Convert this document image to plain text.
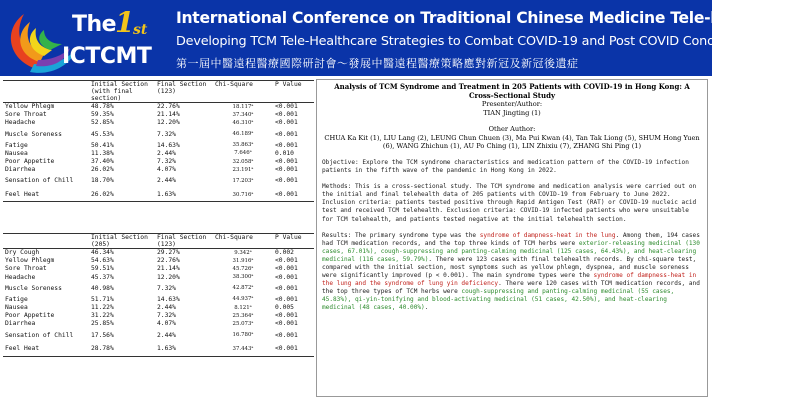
The
1
st
ICTCMT
International Conference on Traditional Chinese Medicine Tele-healthcare
Developing TCM Tele-Healthcare Strategies to Combat COVID-19 and Post COVID Conditions
第一屆中醫遠程醫療國際研討會～發展中醫遠程醫療策略應對新冠及新冠後遺症
	Initial Section (with final section)	Final Section (123)	Chi-Square	P Value
Yellow Phlegm	48.78%	22.76%	18.117ᵃ	<0.001
Sore Throat	59.35%	21.14%	37.340ᵃ	<0.001
Headache	52.85%	12.20%	46.310ᵃ	<0.001
Muscle Soreness	45.53%	7.32%	46.189ᵃ	<0.001
Fatige	50.41%	14.63%	35.863ᵃ	<0.001
Nausea	11.38%	2.44%	7.646ᵃ	0.010
Poor Appetite	37.40%	7.32%	32.058ᵃ	<0.001
Diarrhea	26.02%	4.07%	23.191ᵃ	<0.001
Sensation of Chill	18.70%	2.44%	17.203ᵃ	<0.001
Feel Heat	26.02%	1.63%	30.716ᵃ	<0.001
	Initial Section (205)	Final Section (123)	Chi-Square	P Value
Dry Cough	46.34%	29.27%	9.342ᵃ	0.002
Yellow Phlegm	54.63%	22.76%	31.916ᵃ	<0.001
Sore Throat	59.51%	21.14%	45.726ᵃ	<0.001
Headache	45.37%	12.20%	38.300ᵃ	<0.001
Muscle Soreness	40.98%	7.32%	42.872ᵃ	<0.001
Fatige	51.71%	14.63%	44.937ᵃ	<0.001
Nausea	11.22%	2.44%	8.121ᵃ	0.005
Poor Appetite	31.22%	7.32%	25.364ᵃ	<0.001
Diarrhea	25.85%	4.07%	25.073ᵃ	<0.001
Sensation of Chill	17.56%	2.44%	16.780ᵃ	<0.001
Feel Heat	28.78%	1.63%	37.443ᵃ	<0.001

Analysis of TCM Syndrome and Treatment in 205 Patients with COVID-19 in Hong Kong: A Cross-Sectional Study

Presenter/Author:

TIAN Jingting (1)

Other Author:

CHUA Ka Kit (1), LIU Lang (2), LEUNG Chun Chuen (3), Ma Pui Kwan (4), Tan Tak Liong (5), SHUM Hong Yuen (6), WANG Zhichun (1), AU Po Ching (1), LIN Zhixiu (7), ZHANG Shi Ping (1)

Objective: Explore the TCM syndrome characteristics and medication pattern of the COVID-19 infection patients in the fifth wave of the pandemic in Hong Kong in 2022.

Methods: This is a cross-sectional study. The TCM syndrome and medication analysis were carried out on the initial and final telehealth data of 205 patients with COVID-19 from February to June 2022. Inclusion criteria: patients tested positive through Rapid Antigen Test (RAT) or COVID-19 nucleic acid test and received TCM telehealth. Exclusion criteria: COVID-19 infected patients who were unsuitable for TCM telehealth, and patients tested negative at the initial telehealth section.

Results: The primary syndrome type was the syndrome of dampness-heat in the lung. Among them, 194 cases had TCM medication records, and the top three kinds of TCM herbs were exterior-releasing medicinal (130 cases, 67.01%), cough-suppressing and panting-calming medicinal (125 cases, 64.43%), and heat-clearing medicinal (116 cases, 59.79%). There were 123 cases with final telehealth records. By chi-square test, compared with the initial section, most symptoms such as yellow phlegm, dyspnea, and muscle soreness were significantly improved (p < 0.001). The main syndrome types were the syndrome of dampness-heat in the lung and the syndrome of lung yin deficiency. There were 120 cases with TCM medication records, and the top three types of TCM herbs were cough-suppressing and panting-calming medicinal (55 cases, 45.83%), qi-yin-tonifying and blood-activating medicinal (51 cases, 42.50%), and heat-clearing medicinal (48 cases, 40.00%).
